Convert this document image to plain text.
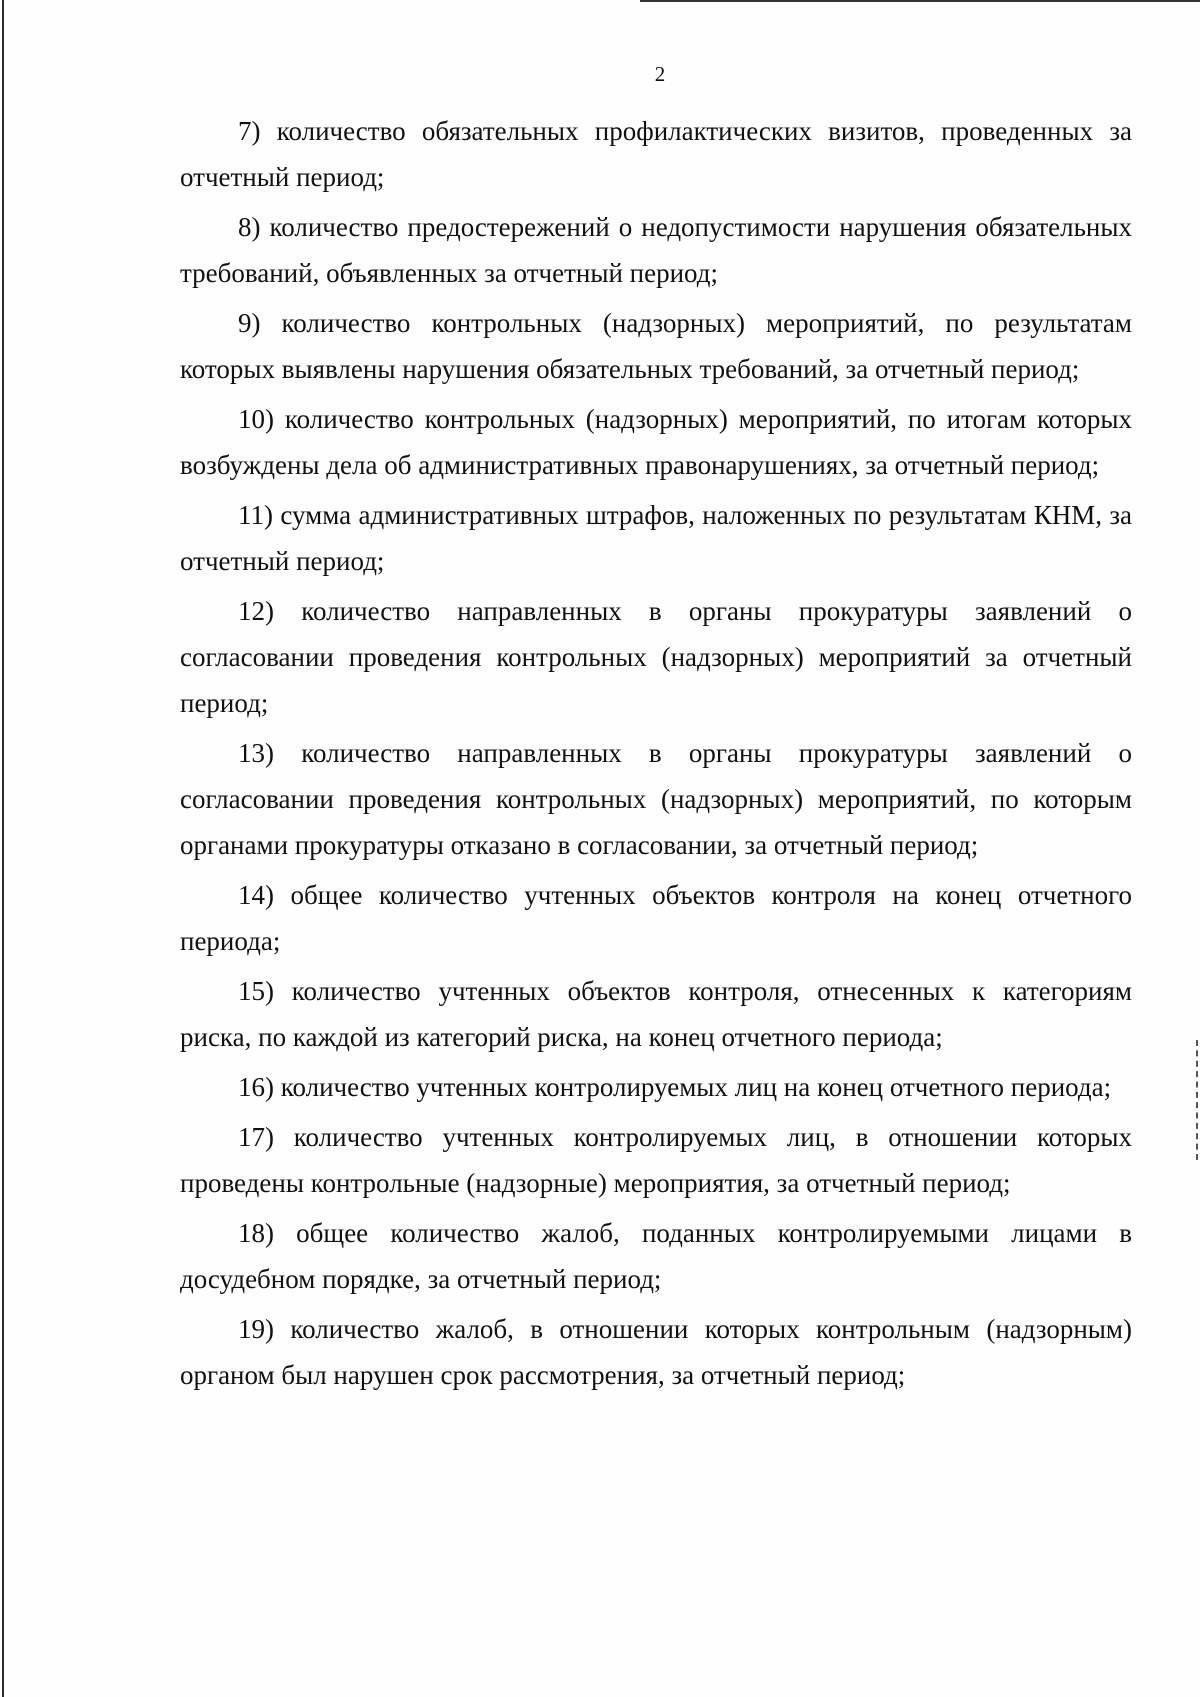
2

7) количество обязательных профилактических визитов, проведенных за отчетный период;

8) количество предостережений о недопустимости нарушения обязательных требований, объявленных за отчетный период;

9) количество контрольных (надзорных) мероприятий, по результатам которых выявлены нарушения обязательных требований, за отчетный период;

10) количество контрольных (надзорных) мероприятий, по итогам которых возбуждены дела об административных правонарушениях, за отчетный период;

11) сумма административных штрафов, наложенных по результатам КНМ, за отчетный период;

12) количество направленных в органы прокуратуры заявлений о согласовании проведения контрольных (надзорных) мероприятий за отчетный период;

13) количество направленных в органы прокуратуры заявлений о согласовании проведения контрольных (надзорных) мероприятий, по которым органами прокуратуры отказано в согласовании, за отчетный период;

14) общее количество учтенных объектов контроля на конец отчетного периода;

15) количество учтенных объектов контроля, отнесенных к категориям риска, по каждой из категорий риска, на конец отчетного периода;

16) количество учтенных контролируемых лиц на конец отчетного периода;

17) количество учтенных контролируемых лиц, в отношении которых проведены контрольные (надзорные) мероприятия, за отчетный период;

18) общее количество жалоб, поданных контролируемыми лицами в досудебном порядке, за отчетный период;

19) количество жалоб, в отношении которых контрольным (надзорным) органом был нарушен срок рассмотрения, за отчетный период;
